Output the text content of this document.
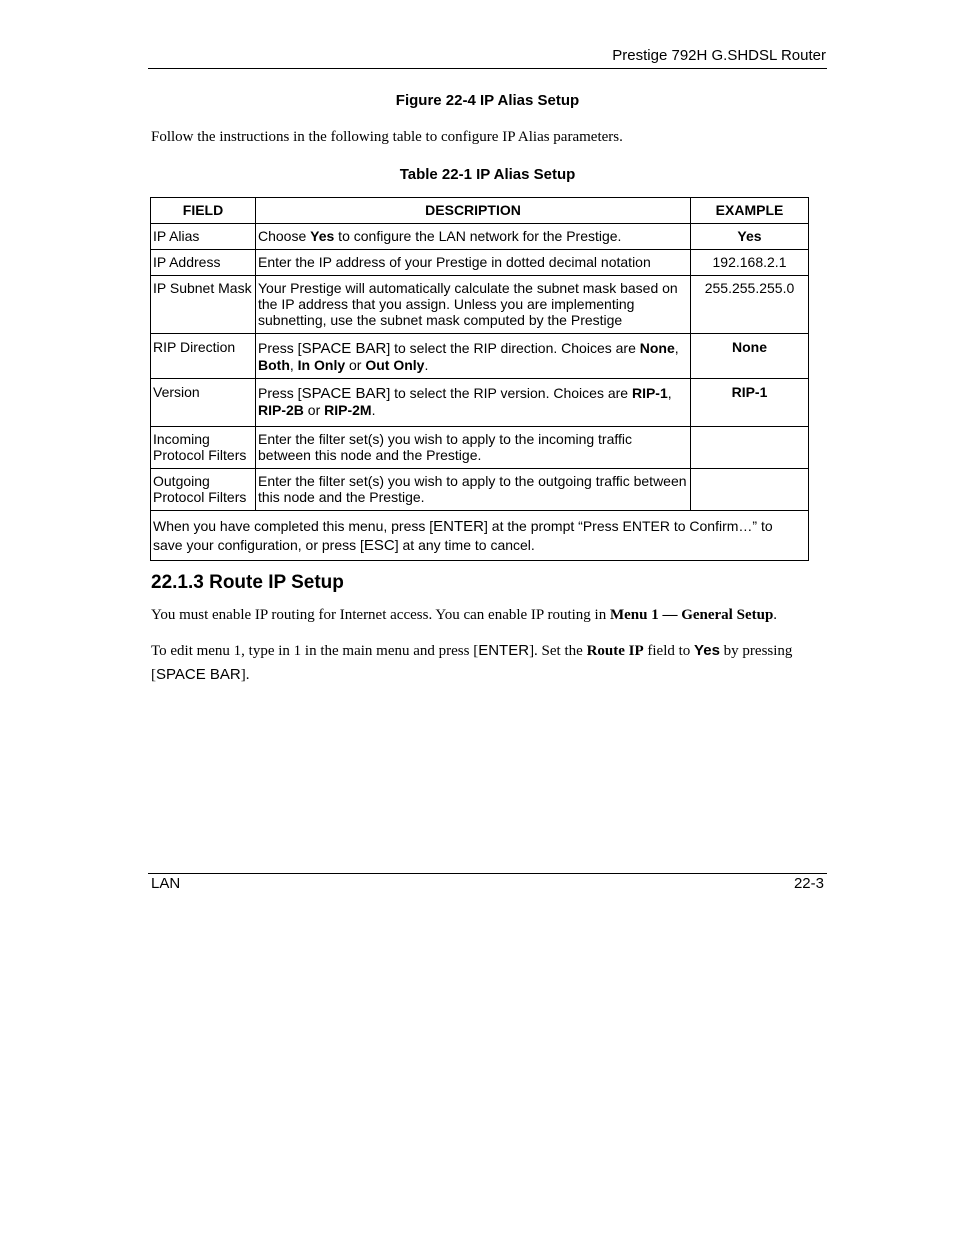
Prestige 792H G.SHDSL Router
Figure 22-4 IP Alias Setup
Follow the instructions in the following table to configure IP Alias parameters.
Table 22-1 IP Alias Setup
FIELD	DESCRIPTION	EXAMPLE
IP Alias	Choose Yes to configure the LAN network for the Prestige.	Yes
IP Address	Enter the IP address of your Prestige in dotted decimal notation	192.168.2.1
IP Subnet Mask	Your Prestige will automatically calculate the subnet mask based on the IP address that you assign. Unless you are implementing subnetting, use the subnet mask computed by the Prestige	255.255.255.0
RIP Direction	Press [SPACE BAR] to select the RIP direction. Choices are None, Both, In Only or Out Only.	None
Version	Press [SPACE BAR] to select the RIP version. Choices are RIP-1, RIP-2B or RIP-2M.	RIP-1
Incoming
Protocol Filters	Enter the filter set(s) you wish to apply to the incoming traffic between this node and the Prestige.	
Outgoing
Protocol Filters	Enter the filter set(s) you wish to apply to the outgoing traffic between this node and the Prestige.	
When you have completed this menu, press [ENTER] at the prompt “Press ENTER to Confirm…” to save your configuration, or press [ESC] at any time to cancel.		
22.1.3 Route IP Setup
You must enable IP routing for Internet access. You can enable IP routing in Menu 1 — General Setup.
To edit menu 1, type in 1 in the main menu and press [ENTER]. Set the Route IP field to Yes by pressing [SPACE BAR].
LAN	22-3
